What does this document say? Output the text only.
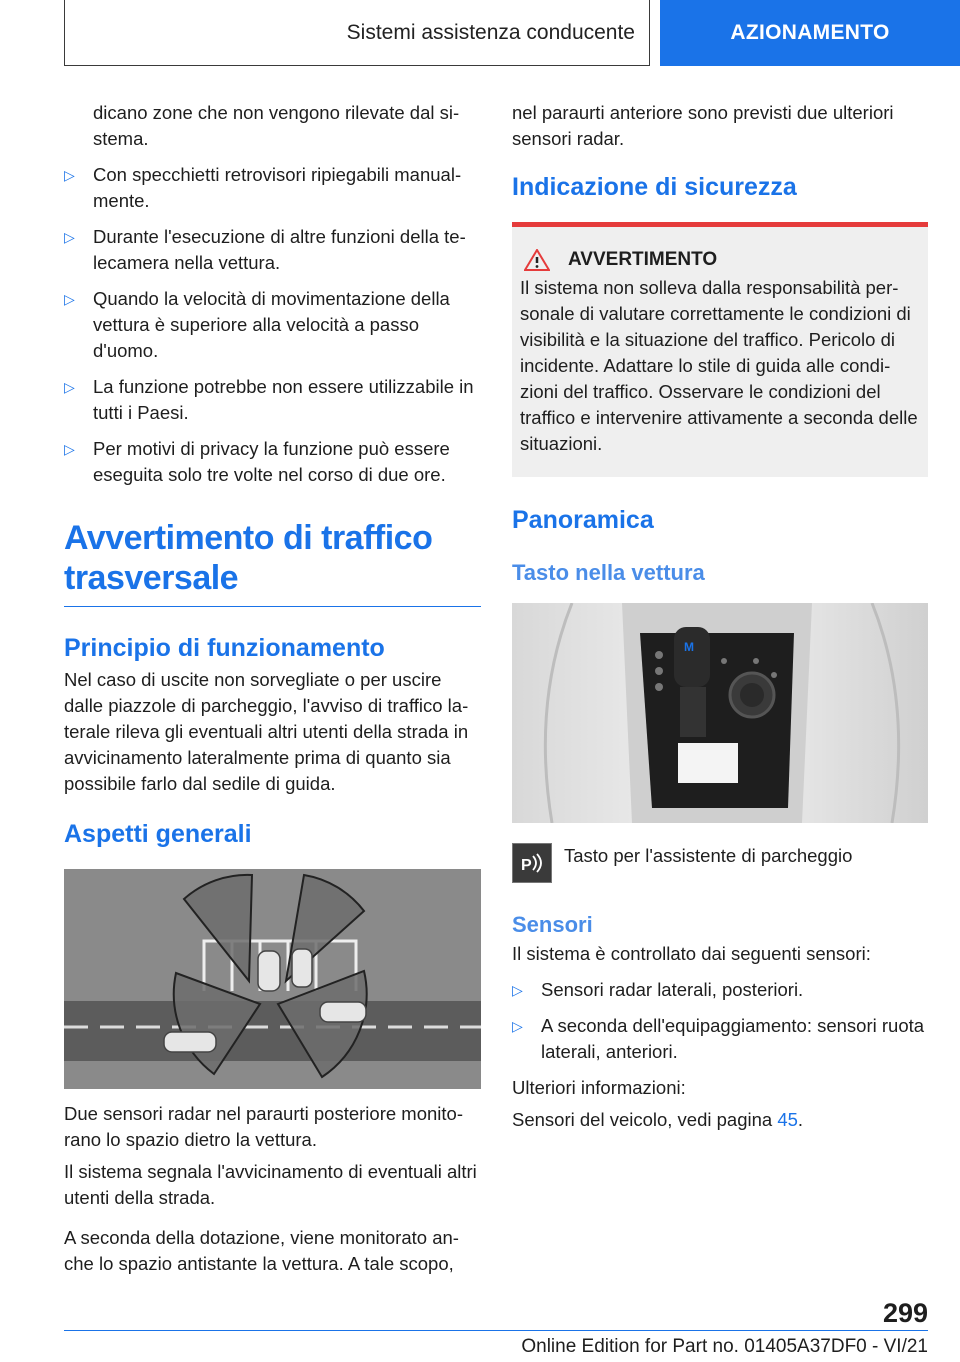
Sistemi assistenza conducente	AZIONAMENTO
dicano zone che non vengono rilevate dal sistema.
▷ Con specchietti retrovisori ripiegabili manualmente.
▷ Durante l'esecuzione di altre funzioni della telecamera nella vettura.
▷ Quando la velocità di movimentazione della vettura è superiore alla velocità a passo d'uomo.
▷ La funzione potrebbe non essere utilizzabile in tutti i Paesi.
▷ Per motivi di privacy la funzione può essere eseguita solo tre volte nel corso di due ore.
Avvertimento di traffico trasversale
Principio di funzionamento

Nel caso di uscite non sorvegliate o per uscire dalle piazzole di parcheggio, l'avviso di traffico laterale rileva gli eventuali altri utenti della strada in avvicinamento lateralmente prima di quanto sia possibile farlo dal sedile di guida.

Aspetti generali

Due sensori radar nel paraurti posteriore monitorano lo spazio dietro la vettura.

Il sistema segnala l'avvicinamento di eventuali altri utenti della strada.

A seconda della dotazione, viene monitorato anche lo spazio antistante la vettura. A tale scopo,

nel paraurti anteriore sono previsti due ulteriori sensori radar.

Indicazione di sicurezza
AVVERTIMENTO

Il sistema non solleva dalla responsabilità personale di valutare correttamente le condizioni di visibilità e la situazione del traffico. Pericolo di incidente. Adattare lo stile di guida alle condizioni del traffico. Osservare le condizioni del traffico e intervenire attivamente a seconda delle situazioni.

Panoramica
Tasto nella vettura
M
P Tasto per l'assistente di parcheggio
Sensori

Il sistema è controllato dai seguenti sensori:

▷ Sensori radar laterali, posteriori.
▷ A seconda dell'equipaggiamento: sensori ruota laterali, anteriori.

Ulteriori informazioni:

Sensori del veicolo, vedi pagina 45.

299
Online Edition for Part no. 01405A37DF0 - VI/21
